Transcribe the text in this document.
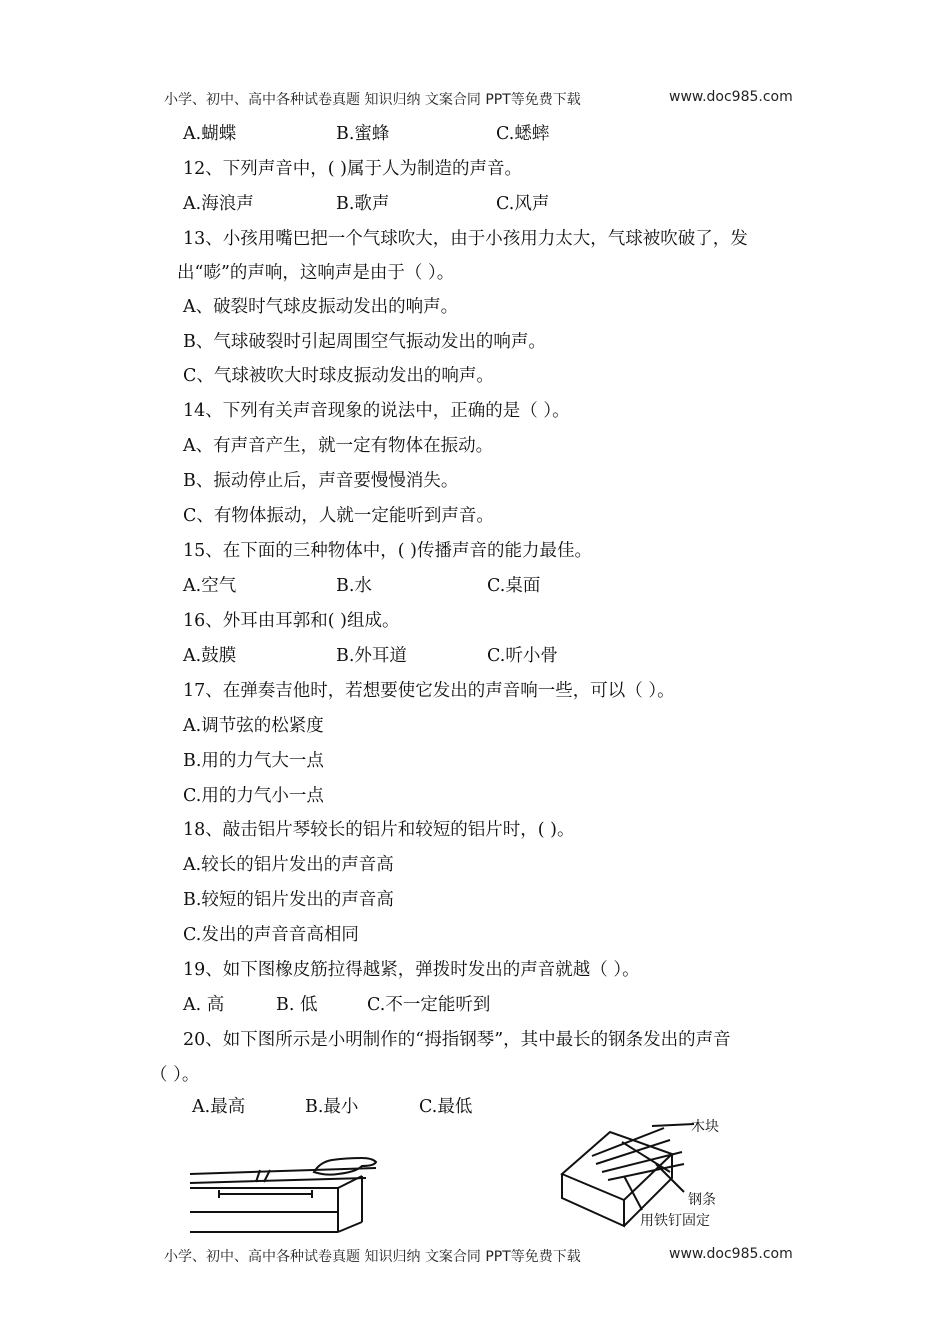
小学、初中、高中各种试卷真题 知识归纳 文案合同 PPT等免费下载	www.doc985.com
A.蝴蝶	B.蜜蜂	C.蟋蟀
12、下列声音中，( )属于人为制造的声音。
A.海浪声	B.歌声	C.风声
13、小孩用嘴巴把一个气球吹大，由于小孩用力太大，气球被吹破了，发
出“嘭”的声响，这响声是由于（ ）。
A、破裂时气球皮振动发出的响声。
B、气球破裂时引起周围空气振动发出的响声。
C、气球被吹大时球皮振动发出的响声。
14、下列有关声音现象的说法中，正确的是（ ）。
A、有声音产生，就一定有物体在振动。
B、振动停止后，声音要慢慢消失。
C、有物体振动，人就一定能听到声音。
15、在下面的三种物体中，( )传播声音的能力最佳。
A.空气	B.水	C.桌面
16、外耳由耳郭和( )组成。
A.鼓膜	B.外耳道	C.听小骨
17、在弹奏吉他时，若想要使它发出的声音响一些，可以（ ）。
A.调节弦的松紧度
B.用的力气大一点
C.用的力气小一点
18、敲击铝片琴较长的铝片和较短的铝片时，( )。
A.较长的铝片发出的声音高
B.较短的铝片发出的声音高
C.发出的声音音高相同
19、如下图橡皮筋拉得越紧，弹拨时发出的声音就越（ ）。
A. 高	B. 低	C.不一定能听到
20、如下图所示是小明制作的“拇指钢琴”，其中最长的钢条发出的声音
（ ）。
A.最高	B.最小	C.最低
木块
钢条
用铁钉固定
小学、初中、高中各种试卷真题 知识归纳 文案合同 PPT等免费下载	www.doc985.com
